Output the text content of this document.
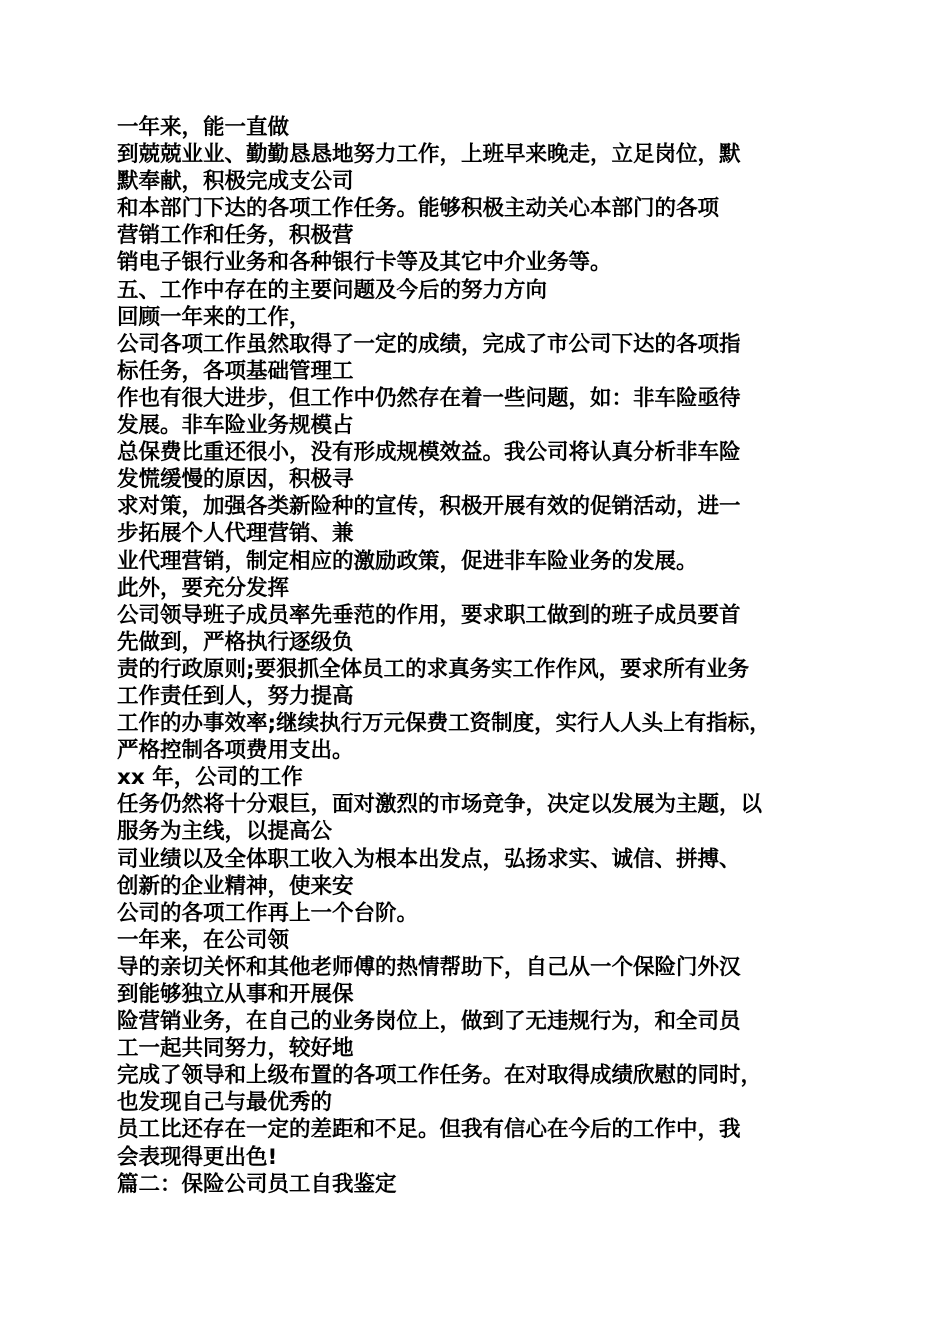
一年来，能一直做
到兢兢业业、勤勤恳恳地努力工作，上班早来晚走，立足岗位，默
默奉献，积极完成支公司
和本部门下达的各项工作任务。能够积极主动关心本部门的各项
营销工作和任务，积极营
销电子银行业务和各种银行卡等及其它中介业务等。
五、工作中存在的主要问题及今后的努力方向
回顾一年来的工作，
公司各项工作虽然取得了一定的成绩，完成了市公司下达的各项指
标任务，各项基础管理工
作也有很大进步，但工作中仍然存在着一些问题，如：非车险亟待
发展。非车险业务规模占
总保费比重还很小，没有形成规模效益。我公司将认真分析非车险
发慌缓慢的原因，积极寻
求对策，加强各类新险种的宣传，积极开展有效的促销活动，进一
步拓展个人代理营销、兼
业代理营销，制定相应的激励政策，促进非车险业务的发展。
此外，要充分发挥
公司领导班子成员率先垂范的作用，要求职工做到的班子成员要首
先做到，严格执行逐级负
责的行政原则;要狠抓全体员工的求真务实工作作风，要求所有业务
工作责任到人，努力提高
工作的办事效率;继续执行万元保费工资制度，实行人人头上有指标，
严格控制各项费用支出。
xx 年，公司的工作
任务仍然将十分艰巨，面对激烈的市场竞争，决定以发展为主题，以
服务为主线，以提高公
司业绩以及全体职工收入为根本出发点，弘扬求实、诚信、拼搏、
创新的企业精神，使来安
公司的各项工作再上一个台阶。
一年来，在公司领
导的亲切关怀和其他老师傅的热情帮助下，自己从一个保险门外汉
到能够独立从事和开展保
险营销业务，在自己的业务岗位上，做到了无违规行为，和全司员
工一起共同努力，较好地
完成了领导和上级布置的各项工作任务。在对取得成绩欣慰的同时，
也发现自己与最优秀的
员工比还存在一定的差距和不足。但我有信心在今后的工作中，我
会表现得更出色!
篇二：保险公司员工自我鉴定
